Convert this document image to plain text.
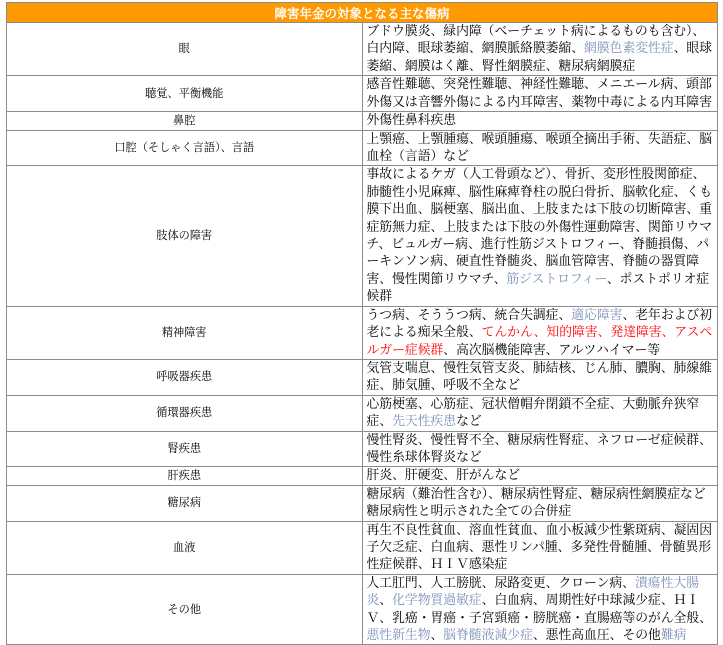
障害年金の対象となる主な傷病	
眼	ブドウ膜炎、緑内障（ベーチェット病によるものも含む）、白内障、眼球萎縮、網膜脈絡膜萎縮、網膜色素変性症、眼球萎縮、網膜はく離、腎性網膜症、糖尿病網膜症
聴覚、平衡機能	感音性難聴、突発性難聴、神経性難聴、メニエール病、頭部外傷又は音響外傷による内耳障害、薬物中毒による内耳障害
鼻腔	外傷性鼻科疾患
口腔（そしゃく言語）、言語	上顎癌、上顎腫瘍、喉頭腫瘍、喉頭全摘出手術、失語症、脳血栓（言語）など
肢体の障害	事故によるケガ（人工骨頭など）、骨折、変形性股関節症、肺髄性小児麻痺、脳性麻痺脊柱の脱臼骨折、脳軟化症、くも膜下出血、脳梗塞、脳出血、上肢または下肢の切断障害、重症筋無力症、上肢または下肢の外傷性運動障害、関節リウマチ、ビュルガー病、進行性筋ジストロフィー、脊髄損傷、パーキンソン病、硬直性脊髄炎、脳血管障害、脊髄の器質障害、慢性関節リウマチ、筋ジストロフィー、ポストポリオ症候群
精神障害	うつ病、そううつ病、統合失調症、適応障害、老年および初老による痴呆全般、てんかん、知的障害、発達障害、アスペルガー症候群、高次脳機能障害、アルツハイマー等
呼吸器疾患	気管支喘息、慢性気管支炎、肺結核、じん肺、膿胸、肺線維症、肺気腫、呼吸不全など
循環器疾患	心筋梗塞、心筋症、冠状僧帽弁閉鎖不全症、大動脈弁狭窄症、先天性疾患など
腎疾患	慢性腎炎、慢性腎不全、糖尿病性腎症、ネフローゼ症候群、慢性糸球体腎炎など
肝疾患	肝炎、肝硬変、肝がんなど
糖尿病	糖尿病（難治性含む）、糖尿病性腎症、糖尿病性網膜症など糖尿病性と明示された全ての合併症
血液	再生不良性貧血、溶血性貧血、血小板減少性紫斑病、凝固因子欠乏症、白血病、悪性リンパ腫、多発性骨髄腫、骨髄異形性症候群、ＨＩＶ感染症
その他	人工肛門、人工膀胱、尿路変更、クローン病、潰瘍性大腸炎、化学物質過敏症、白血病、周期性好中球減少症、ＨＩＶ、乳癌・胃癌・子宮頸癌・膀胱癌・直腸癌等のがん全般、悪性新生物、脳脊髄液減少症、悪性高血圧、その他難病
